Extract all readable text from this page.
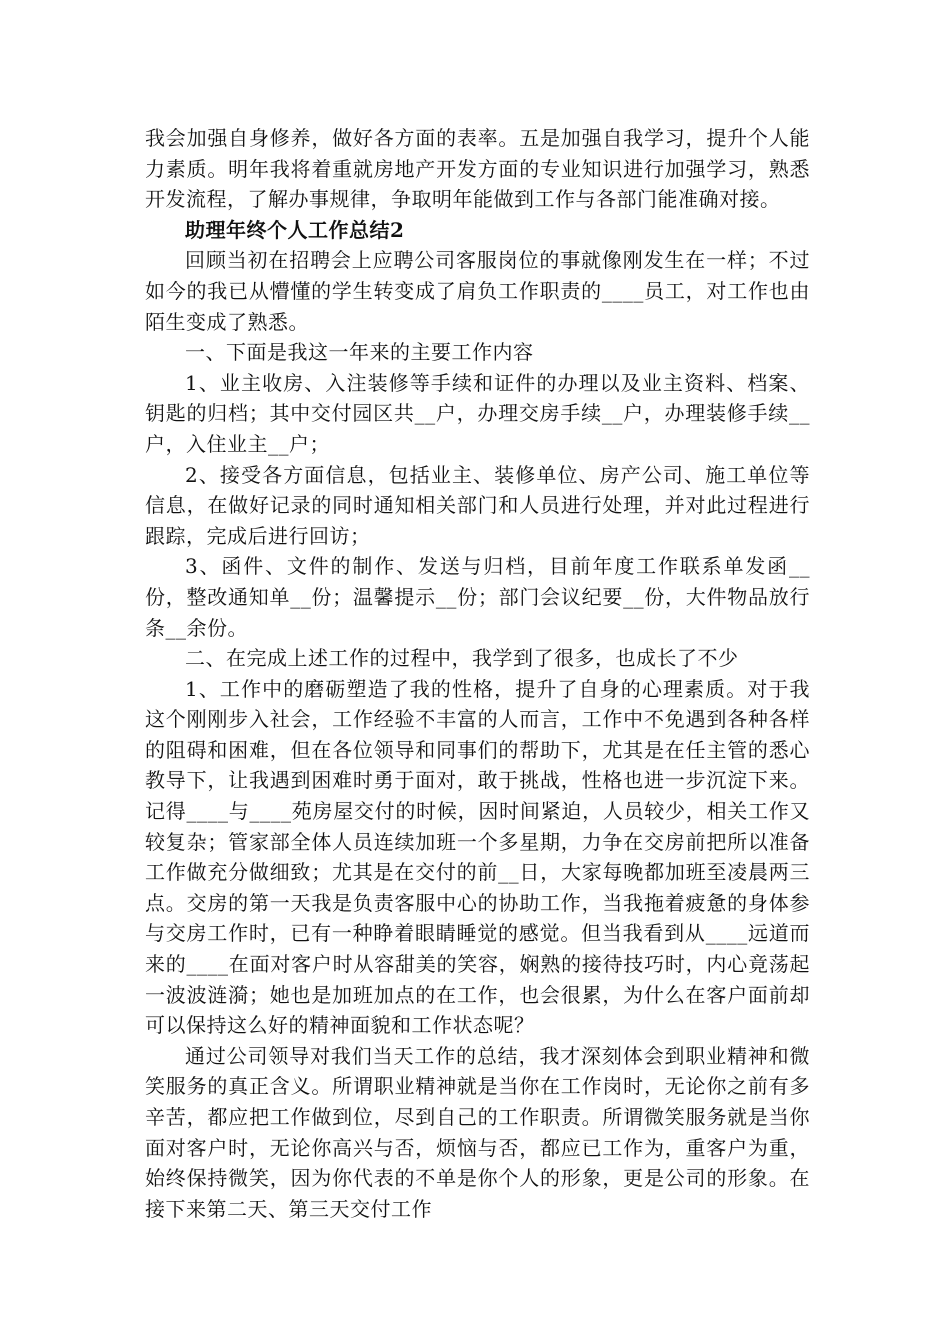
我会加强自身修养，做好各方面的表率。五是加强自我学习，提升个人能力素质。明年我将着重就房地产开发方面的专业知识进行加强学习，熟悉开发流程，了解办事规律，争取明年能做到工作与各部门能准确对接。

助理年终个人工作总结2

回顾当初在招聘会上应聘公司客服岗位的事就像刚发生在一样；不过如今的我已从懵懂的学生转变成了肩负工作职责的____员工，对工作也由陌生变成了熟悉。

一、下面是我这一年来的主要工作内容

1、业主收房、入注装修等手续和证件的办理以及业主资料、档案、钥匙的归档；其中交付园区共__户，办理交房手续__户，办理装修手续__户，入住业主__户；

2、接受各方面信息，包括业主、装修单位、房产公司、施工单位等信息，在做好记录的同时通知相关部门和人员进行处理，并对此过程进行跟踪，完成后进行回访；

3、函件、文件的制作、发送与归档，目前年度工作联系单发函__份，整改通知单__份；温馨提示__份；部门会议纪要__份，大件物品放行条__余份。

二、在完成上述工作的过程中，我学到了很多，也成长了不少

1、工作中的磨砺塑造了我的性格，提升了自身的心理素质。对于我这个刚刚步入社会，工作经验不丰富的人而言，工作中不免遇到各种各样的阻碍和困难，但在各位领导和同事们的帮助下，尤其是在任主管的悉心教导下，让我遇到困难时勇于面对，敢于挑战，性格也进一步沉淀下来。记得____与____苑房屋交付的时候，因时间紧迫，人员较少，相关工作又较复杂；管家部全体人员连续加班一个多星期，力争在交房前把所以准备工作做充分做细致；尤其是在交付的前__日，大家每晚都加班至凌晨两三点。交房的第一天我是负责客服中心的协助工作，当我拖着疲惫的身体参与交房工作时，已有一种睁着眼睛睡觉的感觉。但当我看到从____远道而来的____在面对客户时从容甜美的笑容，娴熟的接待技巧时，内心竟荡起一波波涟漪；她也是加班加点的在工作，也会很累，为什么在客户面前却可以保持这么好的精神面貌和工作状态呢？

通过公司领导对我们当天工作的总结，我才深刻体会到职业精神和微笑服务的真正含义。所谓职业精神就是当你在工作岗时，无论你之前有多辛苦，都应把工作做到位，尽到自己的工作职责。所谓微笑服务就是当你面对客户时，无论你高兴与否，烦恼与否，都应已工作为，重客户为重，始终保持微笑，因为你代表的不单是你个人的形象，更是公司的形象。在接下来第二天、第三天交付工作
